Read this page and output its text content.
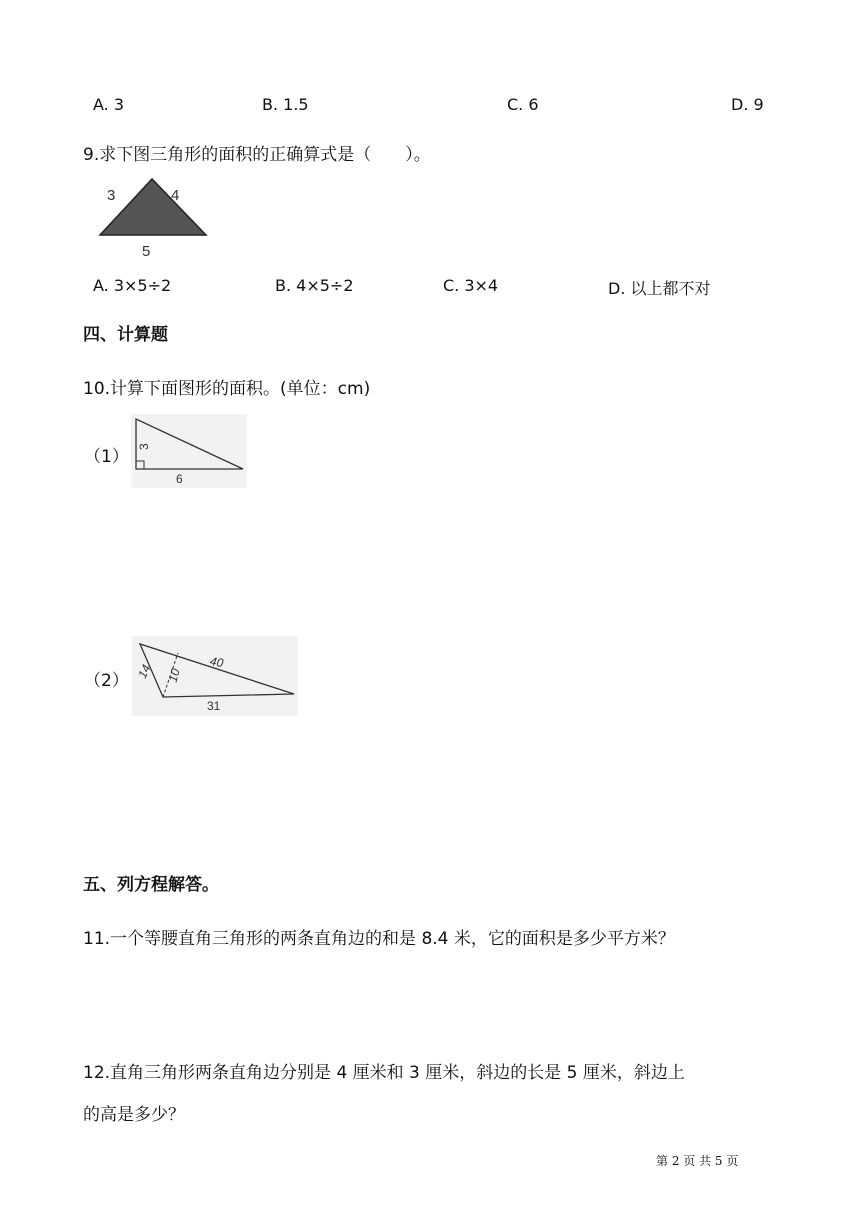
A. 3	B. 1.5	C. 6	D. 9
9.求下图三角形的面积的正确算式是（　　）。
3	4
5
A. 3×5÷2	B. 4×5÷2	C. 3×4	D. 以上都不对
四、计算题
10.计算下面图形的面积。(单位：cm)
（1）
3
6
（2） 14 10
40
31
五、列方程解答。
11.一个等腰直角三角形的两条直角边的和是 8.4 米，它的面积是多少平方米？
12.直角三角形两条直角边分别是 4 厘米和 3 厘米，斜边的长是 5 厘米，斜边上
的高是多少？
第 2 页 共 5 页
